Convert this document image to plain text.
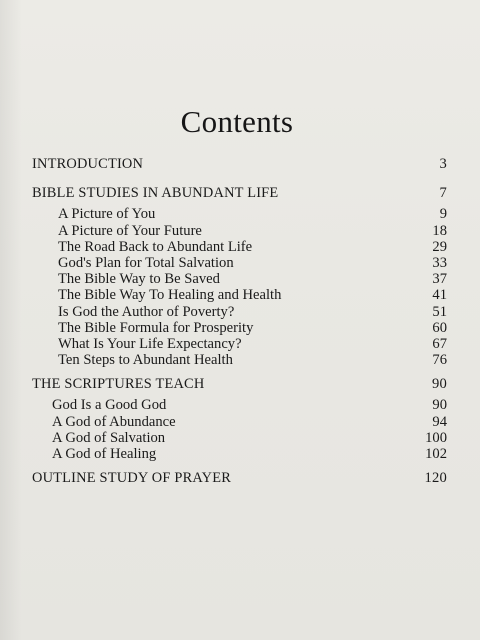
Contents
INTRODUCTION	3
BIBLE STUDIES IN ABUNDANT LIFE	7
A Picture of You	9
A Picture of Your Future	18
The Road Back to Abundant Life	29
God's Plan for Total Salvation	33
The Bible Way to Be Saved	37
The Bible Way To Healing and Health	41
Is God the Author of Poverty?	51
The Bible Formula for Prosperity	60
What Is Your Life Expectancy?	67
Ten Steps to Abundant Health	76
THE SCRIPTURES TEACH	90
God Is a Good God	90
A God of Abundance	94
A God of Salvation	100
A God of Healing	102
OUTLINE STUDY OF PRAYER	120
